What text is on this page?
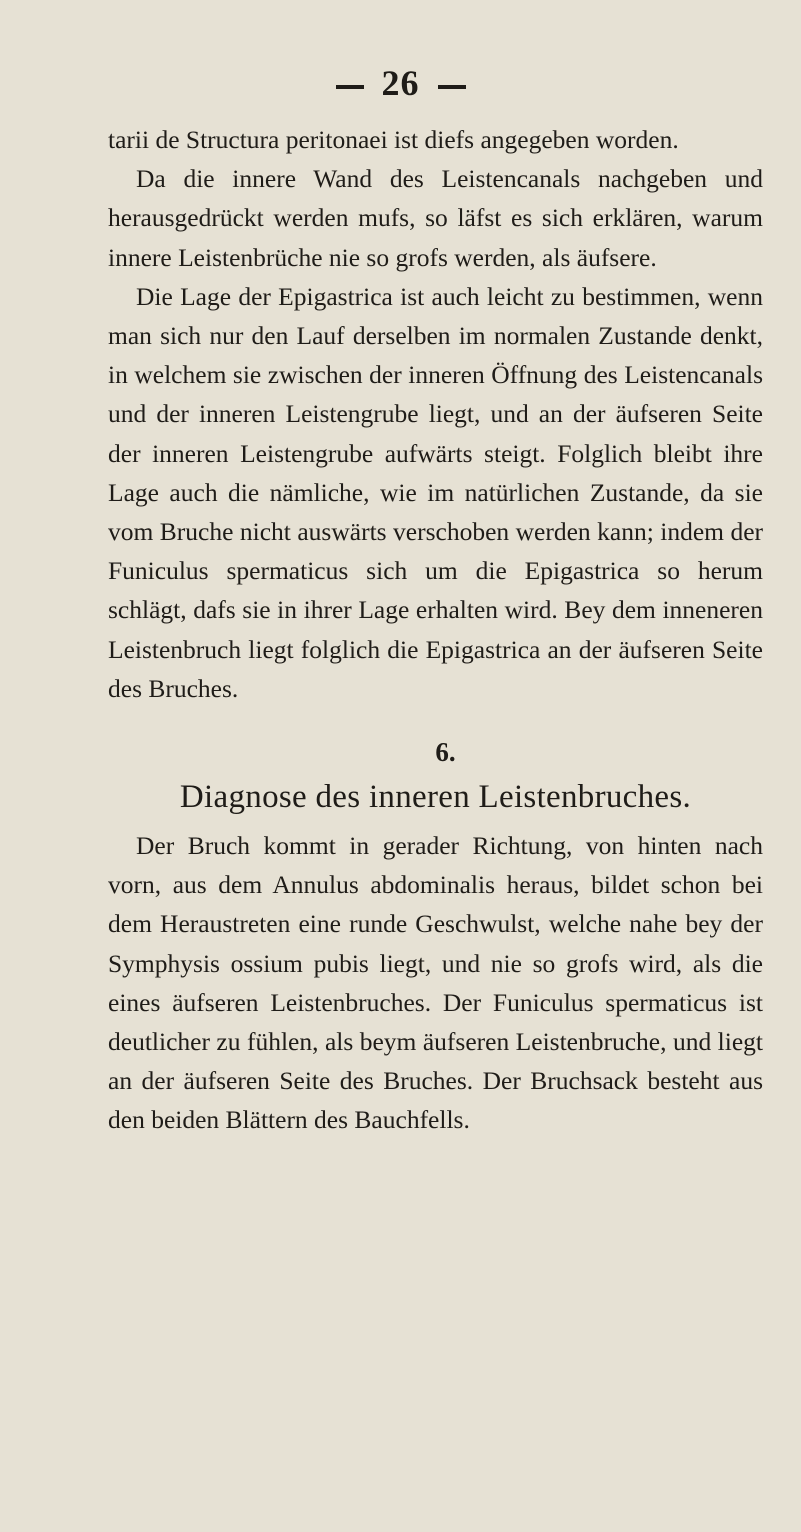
26

tarii de Structura peritonaei ist diefs angegeben worden.

Da die innere Wand des Leistencanals nachgeben und herausgedrückt werden mufs, so läfst es sich erklären, warum innere Leistenbrüche nie so grofs werden, als äufsere.

Die Lage der Epigastrica ist auch leicht zu bestimmen, wenn man sich nur den Lauf derselben im normalen Zustande denkt, in welchem sie zwischen der inneren Öffnung des Leistencanals und der inneren Leistengrube liegt, und an der äufseren Seite der inneren Leistengrube aufwärts steigt. Folglich bleibt ihre Lage auch die nämliche, wie im natürlichen Zustande, da sie vom Bruche nicht auswärts verschoben werden kann; indem der Funiculus spermaticus sich um die Epigastrica so herum schlägt, dafs sie in ihrer Lage erhalten wird. Bey dem inneneren Leistenbruch liegt folglich die Epigastrica an der äufseren Seite des Bruches.

6.
Diagnose des inneren Leistenbruches.

Der Bruch kommt in gerader Richtung, von hinten nach vorn, aus dem Annulus abdominalis heraus, bildet schon bei dem Heraustreten eine runde Geschwulst, welche nahe bey der Symphysis ossium pubis liegt, und nie so grofs wird, als die eines äufseren Leistenbruches. Der Funiculus spermaticus ist deutlicher zu fühlen, als beym äufseren Leistenbruche, und liegt an der äufseren Seite des Bruches. Der Bruchsack besteht aus den beiden Blättern des Bauchfells.
